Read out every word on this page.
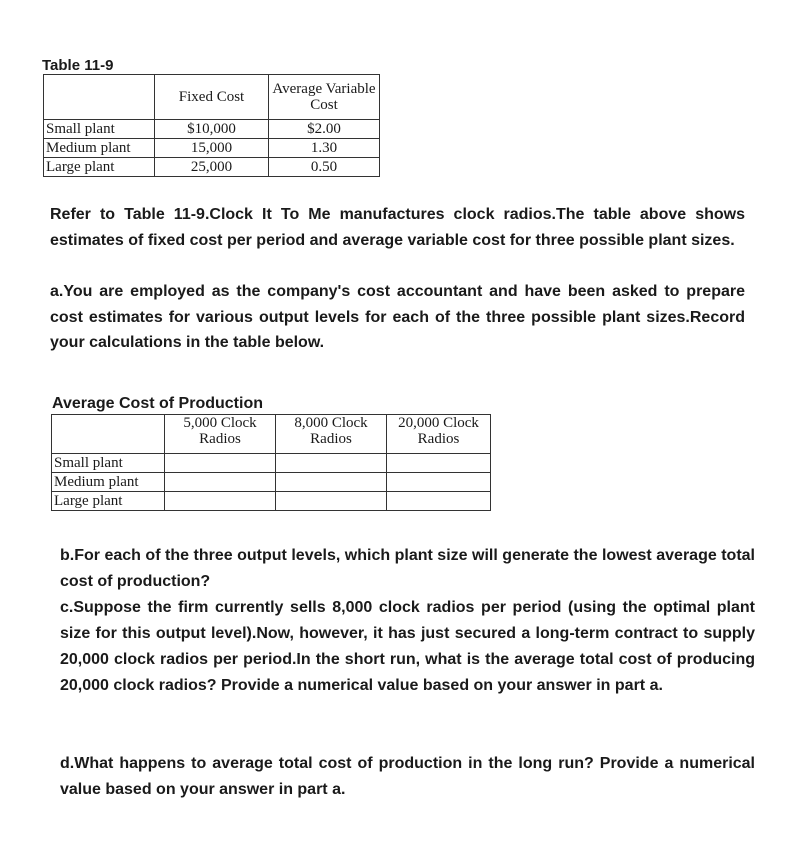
Table 11-9
	Fixed Cost	Average Variable Cost
Small plant	$10,000	$2.00
Medium plant	15,000	1.30
Large plant	25,000	0.50
Refer to Table 11-9.Clock It To Me manufactures clock radios.The table above shows estimates of fixed cost per period and average variable cost for three possible plant sizes.
a.You are employed as the company's cost accountant and have been asked to prepare cost estimates for various output levels for each of the three possible plant sizes.Record your calculations in the table below.
Average Cost of Production
	5,000 Clock Radios	8,000 Clock Radios	20,000 Clock Radios
Small plant			
Medium plant			
Large plant			
b.For each of the three output levels, which plant size will generate the lowest average total cost of production?
c.Suppose the firm currently sells 8,000 clock radios per period (using the optimal plant size for this output level).Now, however, it has just secured a long-term contract to supply 20,000 clock radios per period.In the short run, what is the average total cost of producing 20,000 clock radios? Provide a numerical value based on your answer in part a.
d.What happens to average total cost of production in the long run? Provide a numerical value based on your answer in part a.
